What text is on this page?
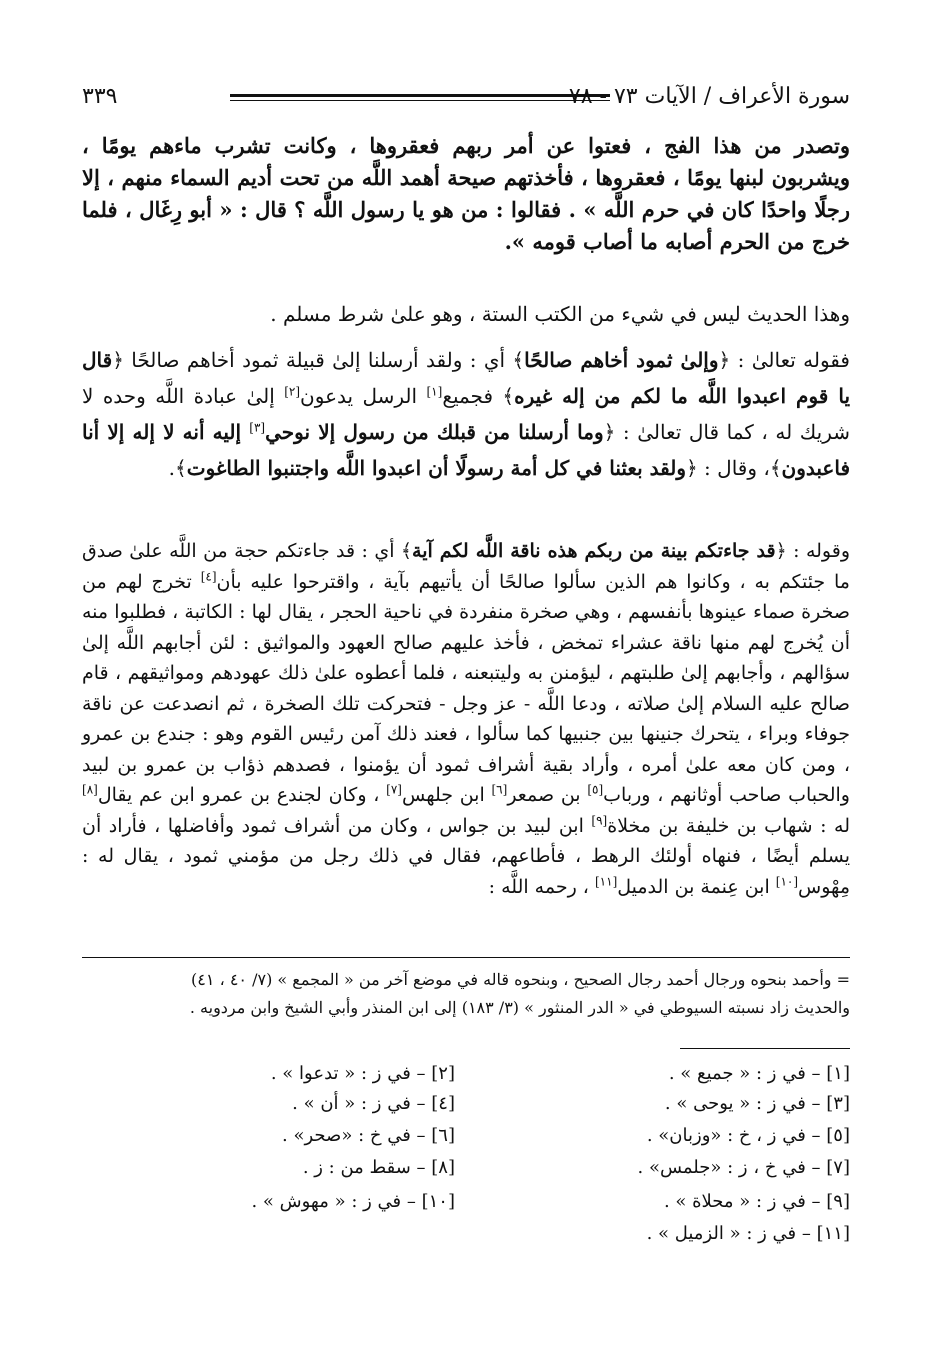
٣٣٩	سورة الأعراف / الآيات ٧٣ - ٧٨
وتصدر من هذا الفج ، فعتوا عن أمر ربهم فعقروها ، وكانت تشرب ماءهم يومًا ، ويشربون لبنها يومًا ، فعقروها ، فأخذتهم صيحة أهمد اللَّه من تحت أديم السماء منهم ، إلا رجلًا واحدًا كان في حرم اللَّه » . فقالوا : من هو يا رسول اللَّه ؟ قال : « أبو رِغَال ، فلما خرج من الحرم أصابه ما أصاب قومه ».
وهذا الحديث ليس في شيء من الكتب الستة ، وهو علىٰ شرط مسلم .
فقوله تعالىٰ : ﴿وإلىٰ ثمود أخاهم صالحًا﴾ أي : ولقد أرسلنا إلىٰ قبيلة ثمود أخاهم صالحًا ﴿قال يا قوم اعبدوا اللَّه ما لكم من إله غيره﴾ فجميع[١] الرسل يدعون[٢] إلىٰ عبادة اللَّه وحده لا شريك له ، كما قال تعالىٰ : ﴿وما أرسلنا من قبلك من رسول إلا نوحي[٣] إليه أنه لا إله إلا أنا فاعبدون﴾، وقال : ﴿ولقد بعثنا في كل أمة رسولًا أن اعبدوا اللَّه واجتنبوا الطاغوت﴾.
وقوله : ﴿قد جاءتكم بينة من ربكم هذه ناقة اللَّه لكم آية﴾ أي : قد جاءتكم حجة من اللَّه علىٰ صدق ما جئتكم به ، وكانوا هم الذين سألوا صالحًا أن يأتيهم بآية ، واقترحوا عليه بأن[٤] تخرج لهم من صخرة صماء عينوها بأنفسهم ، وهي صخرة منفردة في ناحية الحجر ، يقال لها : الكاتبة ، فطلبوا منه أن يُخرج لهم منها ناقة عشراء تمخض ، فأخذ عليهم صالح العهود والمواثيق : لئن أجابهم اللَّه إلىٰ سؤالهم ، وأجابهم إلىٰ طلبتهم ، ليؤمنن به وليتبعنه ، فلما أعطوه علىٰ ذلك عهودهم ومواثيقهم ، قام صالح عليه السلام إلىٰ صلاته ، ودعا اللَّه - عز وجل - فتحركت تلك الصخرة ، ثم انصدعت عن ناقة جوفاء وبراء ، يتحرك جنينها بين جنبيها كما سألوا ، فعند ذلك آمن رئيس القوم وهو : جندع بن عمرو ، ومن كان معه علىٰ أمره ، وأراد بقية أشراف ثمود أن يؤمنوا ، فصدهم ذؤاب بن عمرو بن لبيد والحباب صاحب أوثانهم ، ورباب[٥] بن صمعر[٦] ابن جلهس[٧] ، وكان لجندع بن عمرو ابن عم يقال[٨] له : شهاب بن خليفة بن مخلاة[٩] ابن لبيد بن جواس ، وكان من أشراف ثمود وأفاضلها ، فأراد أن يسلم أيضًا ، فنهاه أولئك الرهط ، فأطاعهم، فقال في ذلك رجل من مؤمني ثمود ، يقال له : مِهْوس[١٠] ابن عِنمة بن الدميل[١١] ، رحمه اللَّه :
= وأحمد بنحوه ورجال أحمد رجال الصحيح ، وبنحوه قاله في موضع آخر من « المجمع » (٧/ ٤٠ ، ٤١)
والحديث زاد نسبته السيوطي في « الدر المنثور » (٣/ ١٨٣) إلى ابن المنذر وأبي الشيخ وابن مردويه .
[١] – في ز : « جميع » .
[٢] – في ز : « تدعوا » .
[٣] – في ز : « يوحى » .
[٤] – في ز : « أن » .
[٥] – في ز ، خ : «وزبان» .
[٦] – في خ : «صحر» .
[٧] – في خ ، ز : «جلمس» .
[٨] – سقط من : ز .
[٩] – في ز : « محلاة » .
[١٠] – في ز : « مهوش » .
[١١] – في ز : « الزميل » .
